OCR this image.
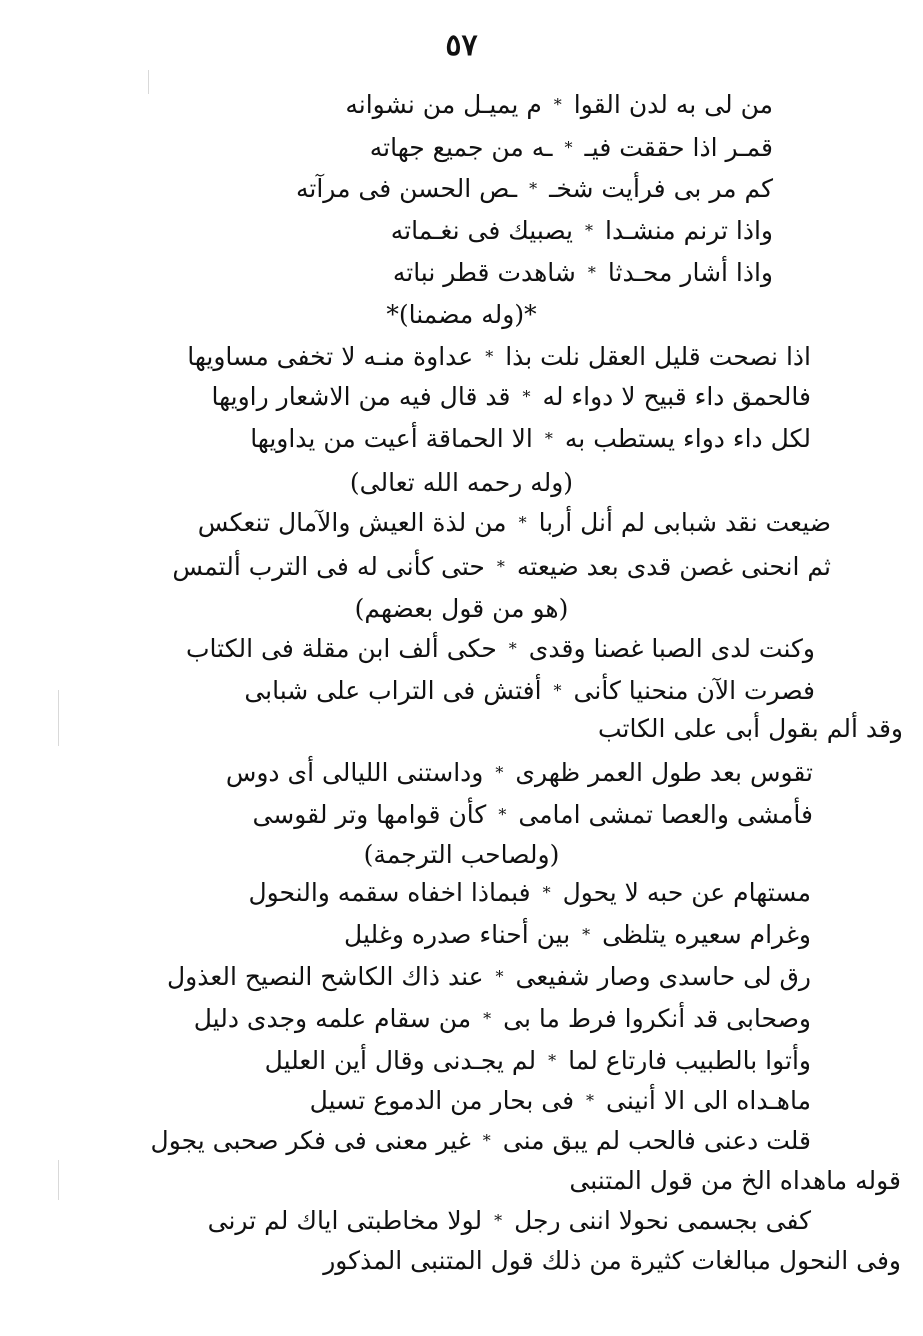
٥٧
من لى به لدن القوا
*
م يميـل من نشوانه
قمـر اذا حققت فيـ
*
ـه من جميع جهاته
كم مر بى فرأيت شخـ
*
ـص الحسن فى مرآته
واذا ترنم منشـدا
*
يصبيك فى نغـماته
واذا أشار محـدثا
*
شاهدت قطر نباته
*(وله مضمنا)*
اذا نصحت قليل العقل نلت بذا
*
عداوة منـه لا تخفى مساويها
فالحمق داء قبيح لا دواء له
*
قد قال فيه من الاشعار راويها
لكل داء دواء يستطب به
*
الا الحماقة أعيت من يداويها
(وله رحمه الله تعالى)
ضيعت نقد شبابى لم أنل أربا
*
من لذة العيش والآمال تنعكس
ثم انحنى غصن قدى بعد ضيعته
*
حتى كأنى له فى الترب ألتمس
(هو من قول بعضهم)
وكنت لدى الصبا غصنا وقدى
*
حكى ألف ابن مقلة فى الكتاب
فصرت الآن منحنيا كأنى
*
أفتش فى التراب على شبابى
وقد ألم بقول أبى على الكاتب
تقوس بعد طول العمر ظهرى
*
وداستنى الليالى أى دوس
فأمشى والعصا تمشى امامى
*
كأن قوامها وتر لقوسى
(ولصاحب الترجمة)
مستهام عن حبه لا يحول
*
فبماذا اخفاه سقمه والنحول
وغرام سعيره يتلظى
*
بين أحناء صدره وغليل
رق لى حاسدى وصار شفيعى
*
عند ذاك الكاشح النصيح العذول
وصحابى قد أنكروا فرط ما بى
*
من سقام علمه وجدى دليل
وأتوا بالطبيب فارتاع لما
*
لم يجـدنى وقال أين العليل
ماهـداه الى الا أنينى
*
فى بحار من الدموع تسيل
قلت دعنى فالحب لم يبق منى
*
غير معنى فى فكر صحبى يجول
قوله ماهداه الخ من قول المتنبى
كفى بجسمى نحولا اننى رجل
*
لولا مخاطبتى اياك لم ترنى
وفى النحول مبالغات كثيرة من ذلك قول المتنبى المذكور
